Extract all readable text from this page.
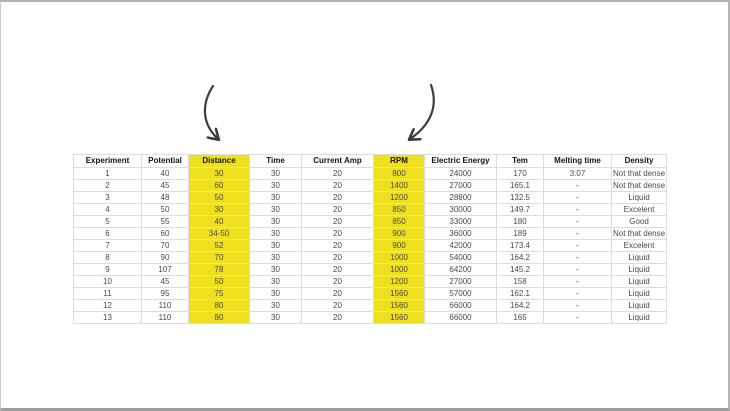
Experiment	Potential	Distance	Time	Current Amp	RPM	Electric Energy	Tem	Melting time	Density
1	40	30	30	20	800	24000	170	3:07	Not that dense
2	45	60	30	20	1400	27000	165.1	-	Not that dense
3	48	50	30	20	1200	28800	132.5	-	Liquid
4	50	30	30	20	850	30000	149.7	-	Excelent
5	55	40	30	20	850	33000	180	-	Good
6	60	34-50	30	20	900	36000	189	-	Not that dense
7	70	52	30	20	900	42000	173.4	-	Excelent
8	90	70	30	20	1000	54000	164.2	-	Liquid
9	107	78	30	20	1000	64200	145.2	-	Liquid
10	45	50	30	20	1200	27000	158	-	Liquid
11	95	75	30	20	1560	57000	162.1	-	Liquid
12	110	80	30	20	1560	66000	164.2	-	Liquid
13	110	80	30	20	1560	66000	165	-	Liquid
